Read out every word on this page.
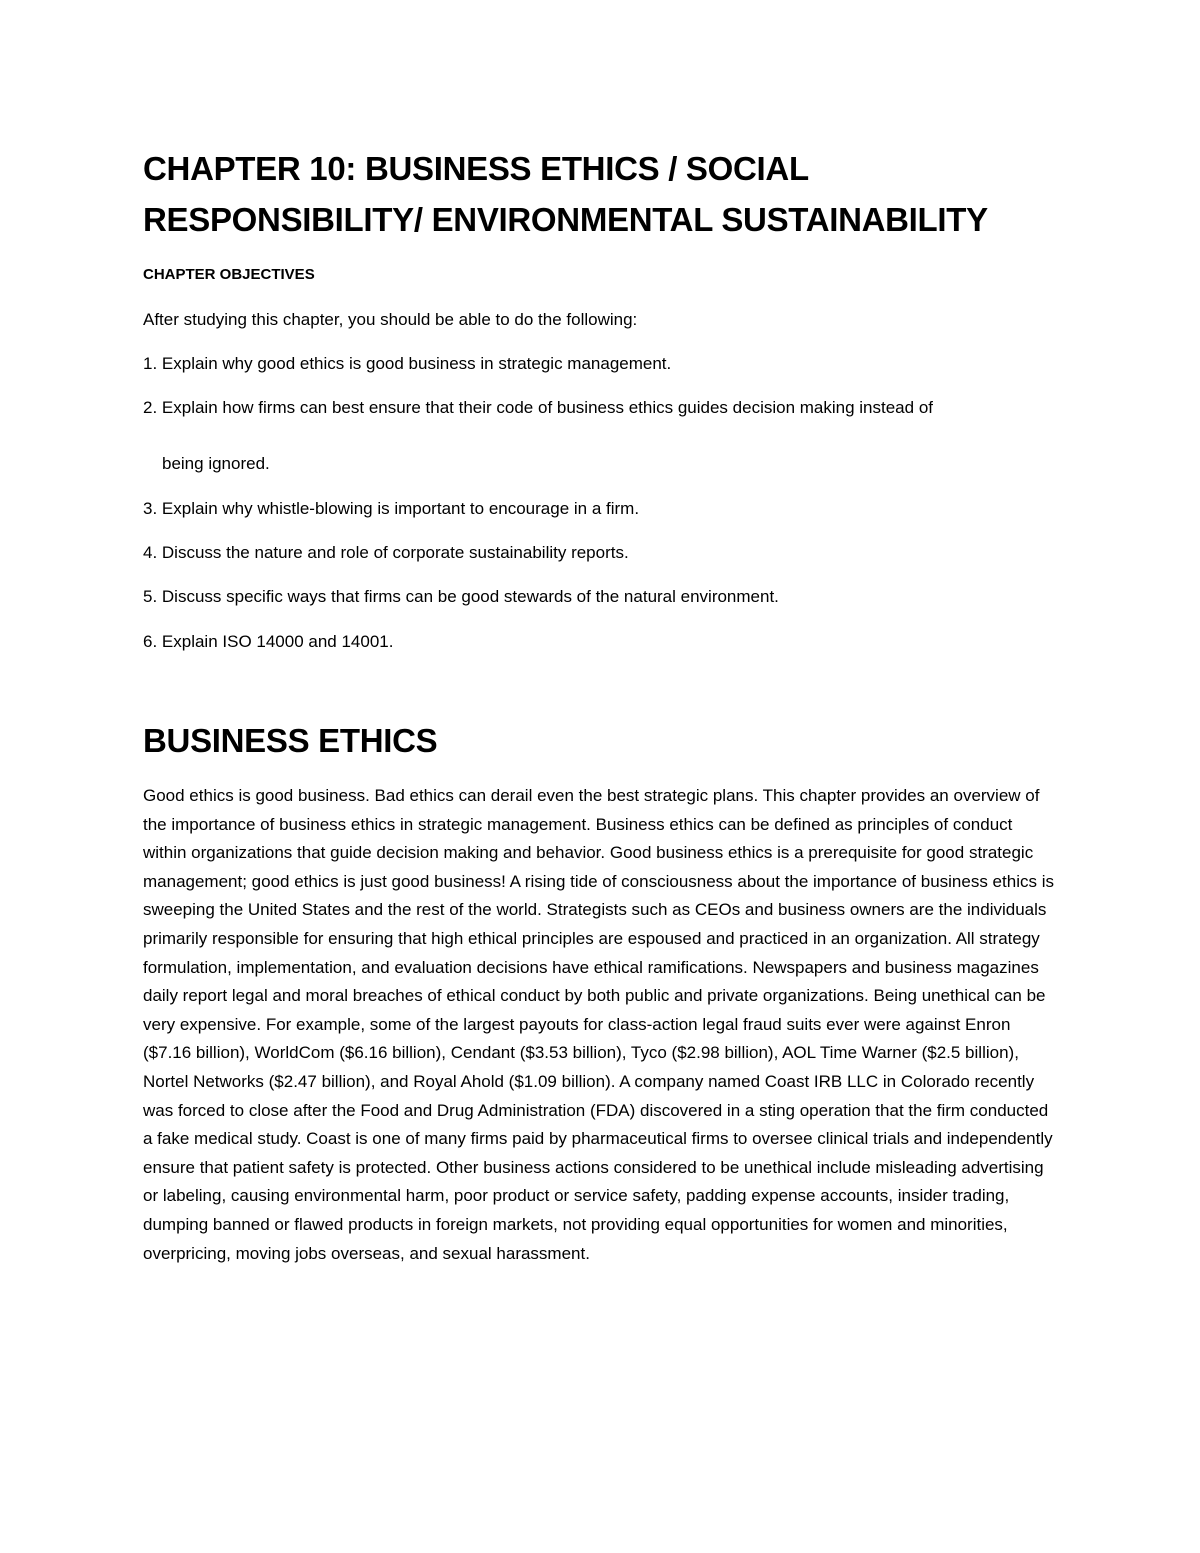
CHAPTER 10: BUSINESS ETHICS / SOCIAL RESPONSIBILITY/ ENVIRONMENTAL SUSTAINABILITY

CHAPTER OBJECTIVES

After studying this chapter, you should be able to do the following:

1. Explain why good ethics is good business in strategic management.

2. Explain how firms can best ensure that their code of business ethics guides decision making instead of

being ignored.

3. Explain why whistle-blowing is important to encourage in a firm.

4. Discuss the nature and role of corporate sustainability reports.

5. Discuss specific ways that firms can be good stewards of the natural environment.

6. Explain ISO 14000 and 14001.

BUSINESS ETHICS

Good ethics is good business. Bad ethics can derail even the best strategic plans. This chapter provides an overview of the importance of business ethics in strategic management. Business ethics can be defined as principles of conduct within organizations that guide decision making and behavior. Good business ethics is a prerequisite for good strategic management; good ethics is just good business! A rising tide of consciousness about the importance of business ethics is sweeping the United States and the rest of the world. Strategists such as CEOs and business owners are the individuals primarily responsible for ensuring that high ethical principles are espoused and practiced in an organization. All strategy formulation, implementation, and evaluation decisions have ethical ramifications. Newspapers and business magazines daily report legal and moral breaches of ethical conduct by both public and private organizations. Being unethical can be very expensive. For example, some of the largest payouts for class-action legal fraud suits ever were against Enron ($7.16 billion), WorldCom ($6.16 billion), Cendant ($3.53 billion), Tyco ($2.98 billion), AOL Time Warner ($2.5 billion), Nortel Networks ($2.47 billion), and Royal Ahold ($1.09 billion). A company named Coast IRB LLC in Colorado recently was forced to close after the Food and Drug Administration (FDA) discovered in a sting operation that the firm conducted a fake medical study. Coast is one of many firms paid by pharmaceutical firms to oversee clinical trials and independently ensure that patient safety is protected. Other business actions considered to be unethical include misleading advertising or labeling, causing environmental harm, poor product or service safety, padding expense accounts, insider trading, dumping banned or flawed products in foreign markets, not providing equal opportunities for women and minorities, overpricing, moving jobs overseas, and sexual harassment.
